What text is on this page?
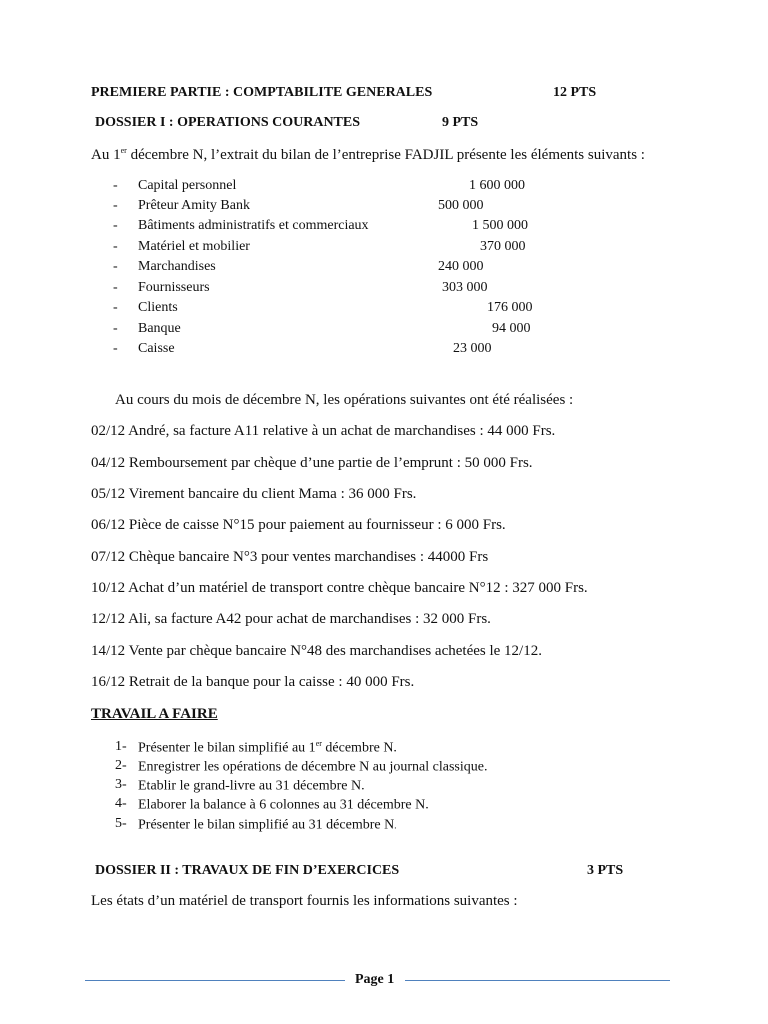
PREMIERE PARTIE : COMPTABILITE GENERALES	12 PTS
DOSSIER I : OPERATIONS COURANTES	9 PTS
Au 1er décembre N, l’extrait du bilan de l’entreprise FADJIL présente les éléments suivants :
- Capital personnel	1 600 000
- Prêteur Amity Bank	500 000
- Bâtiments administratifs et commerciaux	1 500 000
- Matériel et mobilier	370 000
- Marchandises	240 000
- Fournisseurs	303 000
- Clients	176 000
- Banque	94 000
- Caisse	23 000
Au cours du mois de décembre N, les opérations suivantes ont été réalisées :
02/12 André, sa facture A11 relative à un achat de marchandises : 44 000 Frs.
04/12 Remboursement par chèque d’une partie de l’emprunt : 50 000 Frs.
05/12 Virement bancaire du client Mama : 36 000 Frs.
06/12 Pièce de caisse N°15 pour paiement au fournisseur : 6 000 Frs.
07/12 Chèque bancaire N°3 pour ventes marchandises : 44000 Frs
10/12 Achat d’un matériel de transport contre chèque bancaire N°12 : 327 000 Frs.
12/12 Ali, sa facture A42 pour achat de marchandises : 32 000 Frs.
14/12 Vente par chèque bancaire N°48 des marchandises achetées le 12/12.
16/12 Retrait de la banque pour la caisse : 40 000 Frs.
TRAVAIL A FAIRE
1- Présenter le bilan simplifié au 1er décembre N.
2- Enregistrer les opérations de décembre N au journal classique.
3- Etablir le grand-livre au 31 décembre N.
4- Elaborer la balance à 6 colonnes au 31 décembre N.
5- Présenter le bilan simplifié au 31 décembre N.
DOSSIER II : TRAVAUX DE FIN D’EXERCICES	3 PTS
Les états d’un matériel de transport fournis les informations suivantes :
Page 1
